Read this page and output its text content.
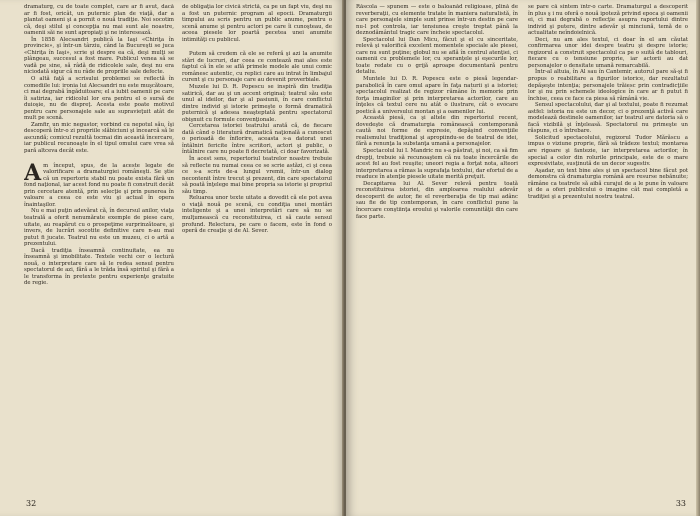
dramaturg, cu de toate complet, care ar fi avut, dacă ar fi fost, oricât, un puternic plan de viaţă, dar a plantat oameni şi a pornit o nouă tradiţie. Noi socotim că, deşi stilul şi concepţia nu mai sunt ale noastre, oamenii săi ne sunt apropiaţi şi ne interesează.

În 1858 Alecsandri publică la Iaşi «Chiriţa în provincie», şi într-un târziu, când la Bucureşti se juca «Chiriţa în Iaşi», scrie şi despre ea că, deşi mulţi se plângeau, succesul a fost mare. Publicul venea să se vadă pe sine, să râdă de ridicolele sale, deşi nu era niciodată sigur că nu râde de propriile sale defecte.

O altă faţă a scrisului problemei se reflectă în comediile lui: ironia lui Alecsandri nu este muşcătoare, ci mai degrabă îngăduitoare; el a iubit oamenii pe care îi satiriza, iar ridicolul lor era pentru el o sursă de duioşie, nu de dispreţ. Acesta este poate motivul pentru care personajele sale au supravieţuit atât de mult pe scenă.

Zamfir, un mic negustor, vorbind cu nepotul său, îşi descoperă într-o zi propriile slăbiciuni şi încearcă să le ascundă; comicul rezultă tocmai din această încercare, iar publicul recunoaşte în el tipul omului care vrea să pară altceva decât este.

Am început, spus, de la aceste legate de valorificare a dramaturgiei româneşti. Se ştie că un repertoriu stabil nu poate exista fără un fond naţional, iar acest fond nu poate fi construit decât prin cercetare atentă, prin selecţie şi prin punerea în valoare a ceea ce este viu şi actual în opera înaintaşilor.

Nu e mai puţin adevărat că, în decursul anilor, viaţa teatrală a oferit nenumărate exemple de piese care, uitate, au reapărut cu o prospeţime surprinzătoare, şi invers, de lucrări socotite definitive care n-au mai putut fi jucate. Teatrul nu este un muzeu, ci o artă a prezentului.

Dacă tradiţia înseamnă continuitate, ea nu înseamnă şi imobilitate. Textele vechi cer o lectură nouă, o interpretare care să le redea sensul pentru spectatorul de azi, fără a le trăda însă spiritul şi fără a le transforma în pretexte pentru experienţe gratuite de regie.

de obligaţia lor civică strictă, ca pe un fapt viu, deşi nu a fost un puternic program al epocii. Dramaturgii timpului au scris pentru un public anume, pentru o scenă anume şi pentru actori pe care îi cunoşteau, de aceea piesele lor poartă pecetea unei anumite intimităţi cu publicul.

Putem să credem că ele se referă şi azi la anumite stări de lucruri, dar ceea ce contează mai ales este faptul că în ele se află primele modele ale unui comic românesc autentic, cu replici care au intrat în limbajul curent şi cu personaje care au devenit proverbiale.

Muzele lui D. R. Popescu se inspiră din tradiţia satirică, dar au şi un accent original; teatrul său este unul al ideilor, dar şi al pasiunii, în care conflictul dintre individ şi istorie primeşte o formă dramatică puternică şi adesea neaşteptată pentru spectatorul obişnuit cu formule convenţionale.

Cercetarea istoriei teatrului arată că, de fiecare dată când o literatură dramatică naţională a cunoscut o perioadă de înflorire, aceasta s-a datorat unei întâlniri fericite între scriitori, actori şi public, o întâlnire care nu poate fi decretată, ci doar favorizată.

În acest sens, repertoriul teatrelor noastre trebuie să reflecte nu numai ceea ce se scrie astăzi, ci şi ceea ce s-a scris de-a lungul vremii, într-un dialog necontenit între trecut şi prezent, din care spectatorul să poată înţelege mai bine propria sa istorie şi propriul său timp.

Reluarea unor texte uitate a dovedit că ele pot avea o viaţă nouă pe scenă, cu condiţia unei montări inteligente şi a unei interpretări care să nu se mulţumească cu reconstituirea, ci să caute sensul profund. Relectura, pe care o facem, este în fond o operă de creaţie şi de Al. Sever.

32

Răscola — spunem — este o baloanăd religioase, plină de reverberaţii, cu elemente tratate în maniera naturalistă, în care personajele simple sunt prinse într-un destin pe care nu-l pot controla, iar tensiunea creşte treptat până la deznodământul tragic care încheie spectacolul.

Spectacolul lui Dan Micu, făcut şi el cu sinceritate, relevă şi valorifică excelent momentele speciale ale piesei, care nu sunt puţine; globul nu se află în centrul atenţiei, ci oamenii cu problemele lor, cu speranţele şi eşecurile lor, toate redate cu o grijă aproape documentară pentru detaliu.

Muntele lui D. R. Popescu este o piesă legendar-parabolică în care omul apare în faţa naturii şi a istoriei; spectacolul realizat de regizor rămâne în memorie prin forţa imaginilor şi prin interpretarea actorilor, care au înţeles că textul cere nu atât o ilustrare, cât o evocare poetică a universului montan şi a oamenilor lui.

Această piesă, ca şi altele din repertoriul recent, dovedeşte că dramaturgia românească contemporană caută noi forme de expresie, depăşind convenţiile realismului tradiţional şi apropiindu-se de teatrul de idei, fără a renunţa la substanţa umană a personajelor.

Spectacolul lui I. Mandric nu s-a păstrat, şi noi, ca să fim drepţi, trebuie să recunoaştem că nu toate încercările de acest fel au fost reuşite; uneori regia a forţat nota, alteori interpretarea a rămas la suprafaţa textului, dar efortul de a readuce în atenţie piesele uitate merită preţuit.

Decapitarea lui Al. Sever relevă pentru toată reconstituirea istoriei, din amploarea realului adevăr descoperit de autor, fie el reverberaţia de tip mai adânc sau fie de tip contemporan, în care conflictul pune la încercare conştiinţa eroului şi valorile comunităţii din care face parte.

se pare că sintem într-o carte. Dramaturgul a descoperit în plus ş i nu oferă o nouă ipoteză privind epoca şi oamenii ei, ci mai degrabă o reflecţie asupra raportului dintre individ şi putere, dintre adevăr şi minciună, temă de o actualitate neîndoielnică.

Deci, nu am ales textul, ci doar în el am căutat confirmarea unor idei despre teatru şi despre istorie; regizorul a construit spectacolul ca pe o suită de tablouri, fiecare cu o tensiune proprie, iar actorii au dat personajelor o densitate umană remarcabilă.

Într-al altuia, în Al sau în Cantemir, autorul pare să-şi fi propus o reabilitare a figurilor istorice, dar rezultatul depăşeşte intenţia; personajele trăiesc prin contradicţiile lor şi nu prin schemele ideologice în care ar fi putut fi închise, ceea ce face ca piesa să rămână vie.

Sensul spectacolului, dar şi al textului, poate fi rezumat astfel: istoria nu este un decor, ci o prezenţă activă care modelează destinele oamenilor, iar teatrul are datoria să o facă vizibilă şi înţeleasă. Spectatorul nu primeşte un răspuns, ci o întrebare.

Solicitud spectacolului, regizorul Tudor Mărăscu a impus o viziune proprie, fără să trădeze textul; montarea are rigoare şi fantezie, iar interpretarea actorilor, în special a celor din rolurile principale, este de o mare expresivitate, susţinută de un decor sugestiv.

Aşadar, un text bine ales şi un spectacol bine făcut pot demonstra că dramaturgia română are resurse nebănuite; rămâne ca teatrele să aibă curajul de a le pune în valoare şi de a oferi publicului o imagine cât mai completă a tradiţiei şi a prezentului nostru teatral.

33
